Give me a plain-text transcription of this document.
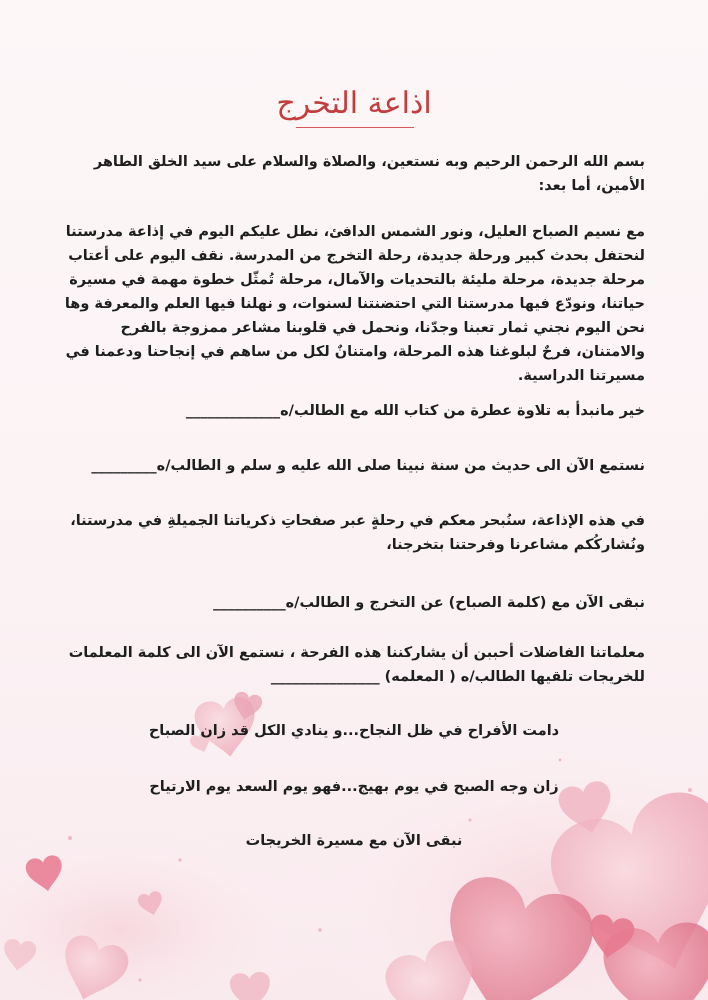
اذاعة التخرج
بسم الله الرحمن الرحيم وبه نستعين، والصلاة والسلام على سيد الخلق الطاهر الأمين، أما بعد:
مع نسيم الصباح العليل، ونور الشمس الدافئ، نطل عليكم اليوم في إذاعة مدرستنا لنحتفل بحدث كبير ورحلة جديدة، رحلة التخرج من المدرسة. نقف اليوم على أعتاب مرحلة جديدة، مرحلة مليئة بالتحديات والآمال، مرحلة تُمثّل خطوة مهمة في مسيرة حياتنا، ونودّع فيها مدرستنا التي احتضنتنا لسنوات، و نهلنا فيها العلم والمعرفة وها نحن اليوم نجني ثمار تعبنا وجدّنا، ونحمل في قلوبنا مشاعر ممزوجة بالفرح والامتنان، فرحٌ لبلوغنا هذه المرحلة، وامتنانٌ لكل من ساهم في إنجاحنا ودعمنا في مسيرتنا الدراسية.
خير مانبدأ به تلاوة عطرة من كتاب الله مع الطالب/ه_____________
نستمع الآن الى حديث من سنة نبينا صلى الله عليه و سلم و الطالب/ه_________
في هذه الإذاعة، سنُبحر معكم في رحلةٍ عبر صفحاتِ ذكرياتنا الجميلةِ في مدرستنا، ونُشاركُكم مشاعرنا وفرحتنا بتخرجنا،
نبقى الآن مع (كلمة الصباح) عن التخرج و الطالب/ه__________
معلماتنا الفاضلات أحببن أن يشاركننا هذه الفرحة ، نستمع الآن الى كلمة المعلمات للخريجات تلقيها الطالب/ه ( المعلمه) _______________
دامت الأفراح في ظل النجاح...و ينادي الكل قد زان الصباح
زان وجه الصبح في يوم بهيج...فهو يوم السعد يوم الارتياح
نبقى الآن مع مسيرة الخريجات
